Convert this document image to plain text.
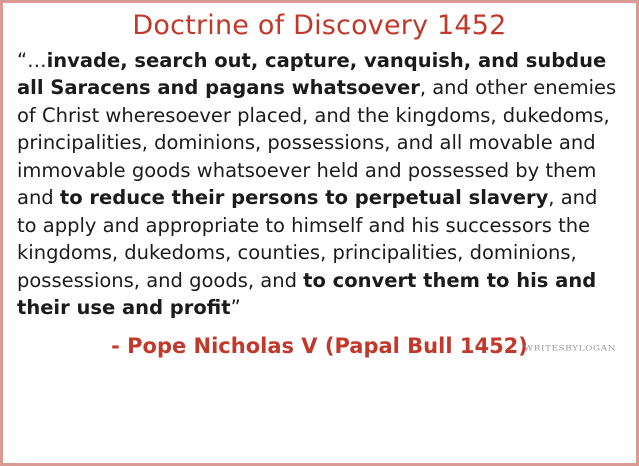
Doctrine of Discovery 1452
“…invade, search out, capture, vanquish, and subdue all Saracens and pagans whatsoever, and other enemies of Christ wheresoever placed, and the kingdoms, dukedoms, principalities, dominions, possessions, and all movable and immovable goods whatsoever held and possessed by them and to reduce their persons to perpetual slavery, and to apply and appropriate to himself and his successors the kingdoms, dukedoms, counties, principalities, dominions, possessions, and goods, and to convert them to his and their use and profit”
- Pope Nicholas V (Papal Bull 1452)
WRITESBYLOGAN
